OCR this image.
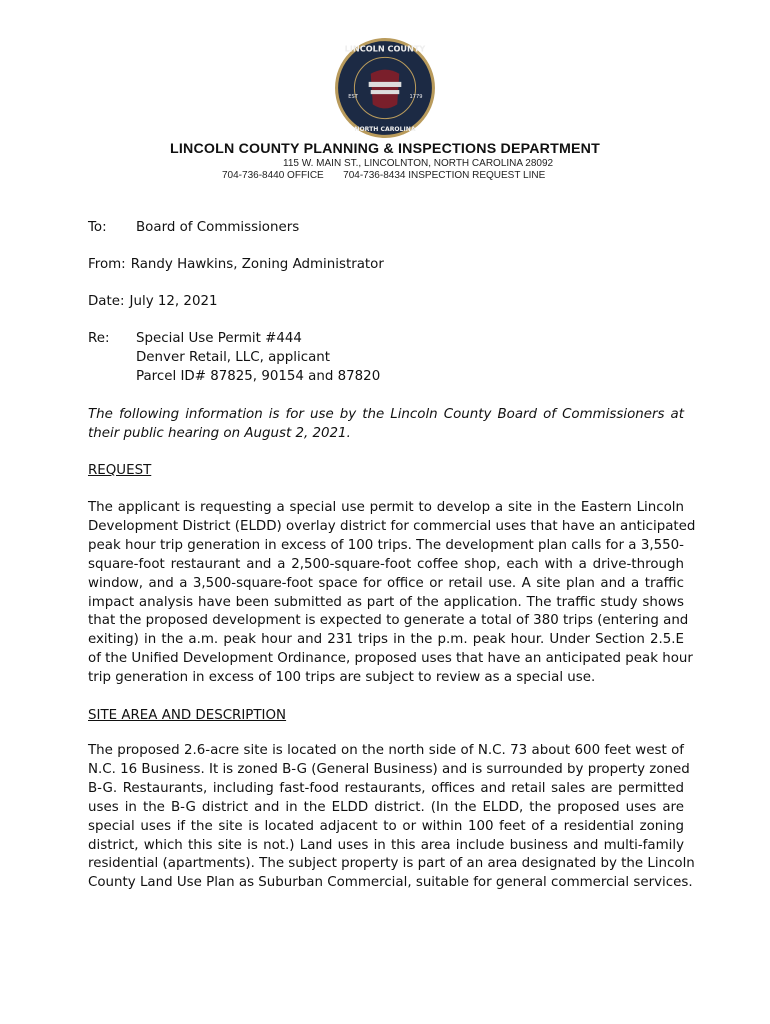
LINCOLN COUNTY
NORTH CAROLINA
EST	1779
LINCOLN COUNTY PLANNING & INSPECTIONS DEPARTMENT
115 W. MAIN ST., LINCOLNTON, NORTH CAROLINA 28092
704-736-8440 OFFICE 704-736-8434 INSPECTION REQUEST LINE
To: Board of Commissioners
From: Randy Hawkins, Zoning Administrator
Date: July 12, 2021
Re: Special Use Permit #444
Denver Retail, LLC, applicant
Parcel ID# 87825, 90154 and 87820
The following information is for use by the Lincoln County Board of Commissioners at
their public hearing on August 2, 2021.
REQUEST
The applicant is requesting a special use permit to develop a site in the Eastern Lincoln
Development District (ELDD) overlay district for commercial uses that have an anticipated
peak hour trip generation in excess of 100 trips. The development plan calls for a 3,550-
square-foot restaurant and a 2,500-square-foot coffee shop, each with a drive-through
window, and a 3,500-square-foot space for office or retail use. A site plan and a traffic
impact analysis have been submitted as part of the application. The traffic study shows
that the proposed development is expected to generate a total of 380 trips (entering and
exiting) in the a.m. peak hour and 231 trips in the p.m. peak hour. Under Section 2.5.E
of the Unified Development Ordinance, proposed uses that have an anticipated peak hour
trip generation in excess of 100 trips are subject to review as a special use.
SITE AREA AND DESCRIPTION
The proposed 2.6-acre site is located on the north side of N.C. 73 about 600 feet west of
N.C. 16 Business. It is zoned B-G (General Business) and is surrounded by property zoned
B-G. Restaurants, including fast-food restaurants, offices and retail sales are permitted
uses in the B-G district and in the ELDD district. (In the ELDD, the proposed uses are
special uses if the site is located adjacent to or within 100 feet of a residential zoning
district, which this site is not.) Land uses in this area include business and multi-family
residential (apartments). The subject property is part of an area designated by the Lincoln
County Land Use Plan as Suburban Commercial, suitable for general commercial services.
